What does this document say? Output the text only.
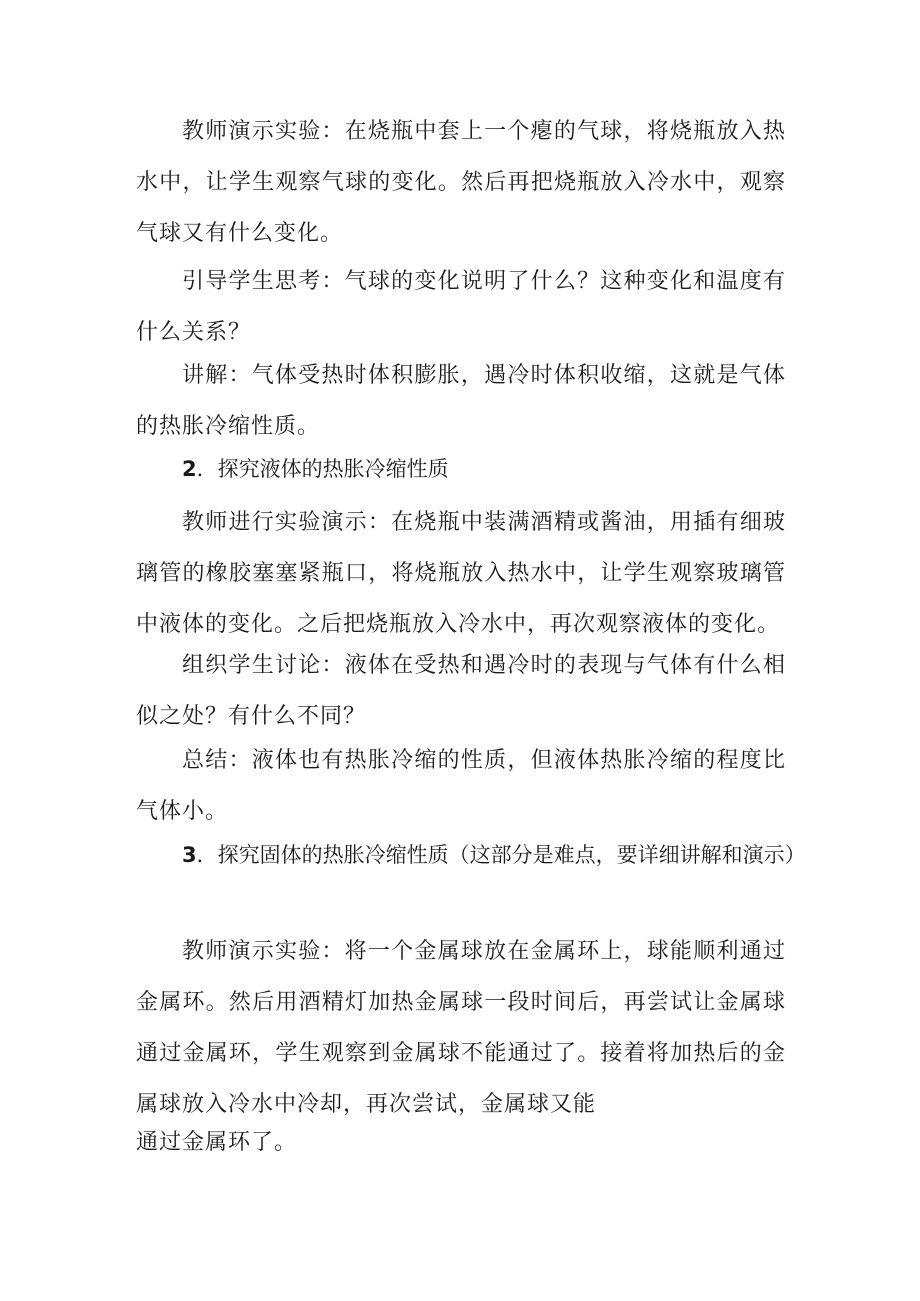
教师演示实验：在烧瓶中套上一个瘪的气球，将烧瓶放入热水中，让学生观察气球的变化。然后再把烧瓶放入冷水中，观察气球又有什么变化。

引导学生思考：气球的变化说明了什么？这种变化和温度有什么关系？

讲解：气体受热时体积膨胀，遇冷时体积收缩，这就是气体的热胀冷缩性质。

2．探究液体的热胀冷缩性质

教师进行实验演示：在烧瓶中装满酒精或酱油，用插有细玻璃管的橡胶塞塞紧瓶口，将烧瓶放入热水中，让学生观察玻璃管中液体的变化。之后把烧瓶放入冷水中，再次观察液体的变化。

组织学生讨论：液体在受热和遇冷时的表现与气体有什么相似之处？有什么不同？

总结：液体也有热胀冷缩的性质，但液体热胀冷缩的程度比气体小。

3．探究固体的热胀冷缩性质（这部分是难点，要详细讲解和演示）

教师演示实验：将一个金属球放在金属环上，球能顺利通过金属环。然后用酒精灯加热金属球一段时间后，再尝试让金属球通过金属环，学生观察到金属球不能通过了。接着将加热后的金属球放入冷水中冷却，再次尝试，金属球又能

通过金属环了。
